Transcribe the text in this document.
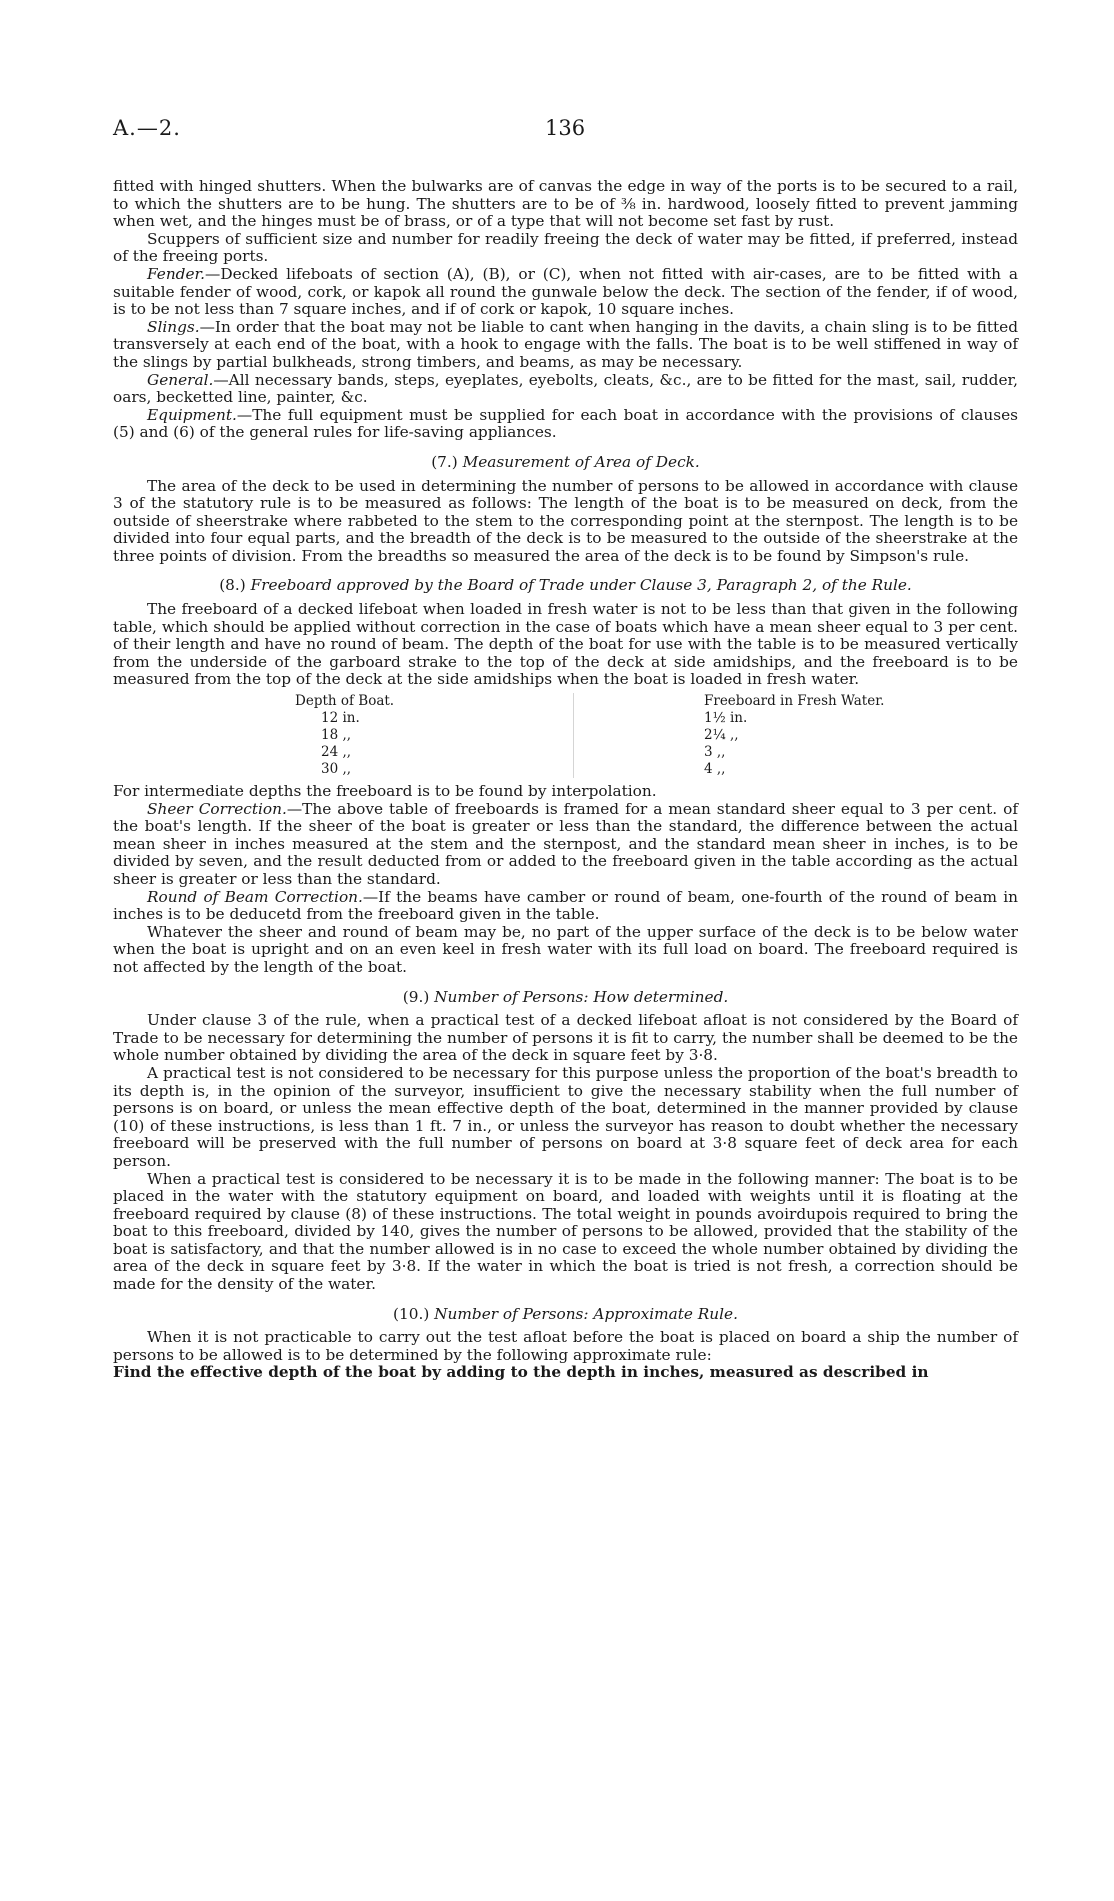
A.—2.	136

fitted with hinged shutters. When the bulwarks are of canvas the edge in way of the ports is to be secured to a rail, to which the shutters are to be hung. The shutters are to be of ⅜ in. hardwood, loosely fitted to prevent jamming when wet, and the hinges must be of brass, or of a type that will not become set fast by rust.

Scuppers of sufficient size and number for readily freeing the deck of water may be fitted, if preferred, instead of the freeing ports.

Fender.—Decked lifeboats of section (A), (B), or (C), when not fitted with air-cases, are to be fitted with a suitable fender of wood, cork, or kapok all round the gunwale below the deck. The section of the fender, if of wood, is to be not less than 7 square inches, and if of cork or kapok, 10 square inches.

Slings.—In order that the boat may not be liable to cant when hanging in the davits, a chain sling is to be fitted transversely at each end of the boat, with a hook to engage with the falls. The boat is to be well stiffened in way of the slings by partial bulkheads, strong timbers, and beams, as may be necessary.

General.—All necessary bands, steps, eyeplates, eyebolts, cleats, &c., are to be fitted for the mast, sail, rudder, oars, becketted line, painter, &c.

Equipment.—The full equipment must be supplied for each boat in accordance with the provisions of clauses (5) and (6) of the general rules for life-saving appliances.

(7.) Measurement of Area of Deck.

The area of the deck to be used in determining the number of persons to be allowed in accordance with clause 3 of the statutory rule is to be measured as follows: The length of the boat is to be measured on deck, from the outside of sheerstrake where rabbeted to the stem to the corresponding point at the sternpost. The length is to be divided into four equal parts, and the breadth of the deck is to be measured to the outside of the sheerstrake at the three points of division. From the breadths so measured the area of the deck is to be found by Simpson's rule.

(8.) Freeboard approved by the Board of Trade under Clause 3, Paragraph 2, of the Rule.

The freeboard of a decked lifeboat when loaded in fresh water is not to be less than that given in the following table, which should be applied without correction in the case of boats which have a mean sheer equal to 3 per cent. of their length and have no round of beam. The depth of the boat for use with the table is to be measured vertically from the underside of the garboard strake to the top of the deck at side amidships, and the freeboard is to be measured from the top of the deck at the side amidships when the boat is loaded in fresh water.

Depth of Boat.	Freeboard in Fresh Water.
12 in.	1½ in.
18 ,,	2¼ ,,
24 ,,	3 ,,
30 ,,	4 ,,

For intermediate depths the freeboard is to be found by interpolation.

Sheer Correction.—The above table of freeboards is framed for a mean standard sheer equal to 3 per cent. of the boat's length. If the sheer of the boat is greater or less than the standard, the difference between the actual mean sheer in inches measured at the stem and the sternpost, and the standard mean sheer in inches, is to be divided by seven, and the result deducted from or added to the freeboard given in the table according as the actual sheer is greater or less than the standard.

Round of Beam Correction.—If the beams have camber or round of beam, one-fourth of the round of beam in inches is to be deducetd from the freeboard given in the table.

Whatever the sheer and round of beam may be, no part of the upper surface of the deck is to be below water when the boat is upright and on an even keel in fresh water with its full load on board. The freeboard required is not affected by the length of the boat.

(9.) Number of Persons: How determined.

Under clause 3 of the rule, when a practical test of a decked lifeboat afloat is not considered by the Board of Trade to be necessary for determining the number of persons it is fit to carry, the number shall be deemed to be the whole number obtained by dividing the area of the deck in square feet by 3·8.

A practical test is not considered to be necessary for this purpose unless the proportion of the boat's breadth to its depth is, in the opinion of the surveyor, insufficient to give the necessary stability when the full number of persons is on board, or unless the mean effective depth of the boat, determined in the manner provided by clause (10) of these instructions, is less than 1 ft. 7 in., or unless the surveyor has reason to doubt whether the necessary freeboard will be preserved with the full number of persons on board at 3·8 square feet of deck area for each person.

When a practical test is considered to be necessary it is to be made in the following manner: The boat is to be placed in the water with the statutory equipment on board, and loaded with weights until it is floating at the freeboard required by clause (8) of these instructions. The total weight in pounds avoirdupois required to bring the boat to this freeboard, divided by 140, gives the number of persons to be allowed, provided that the stability of the boat is satisfactory, and that the number allowed is in no case to exceed the whole number obtained by dividing the area of the deck in square feet by 3·8. If the water in which the boat is tried is not fresh, a correction should be made for the density of the water.

(10.) Number of Persons: Approximate Rule.

When it is not practicable to carry out the test afloat before the boat is placed on board a ship the number of persons to be allowed is to be determined by the following approximate rule:

Find the effective depth of the boat by adding to the depth in inches, measured as described in
